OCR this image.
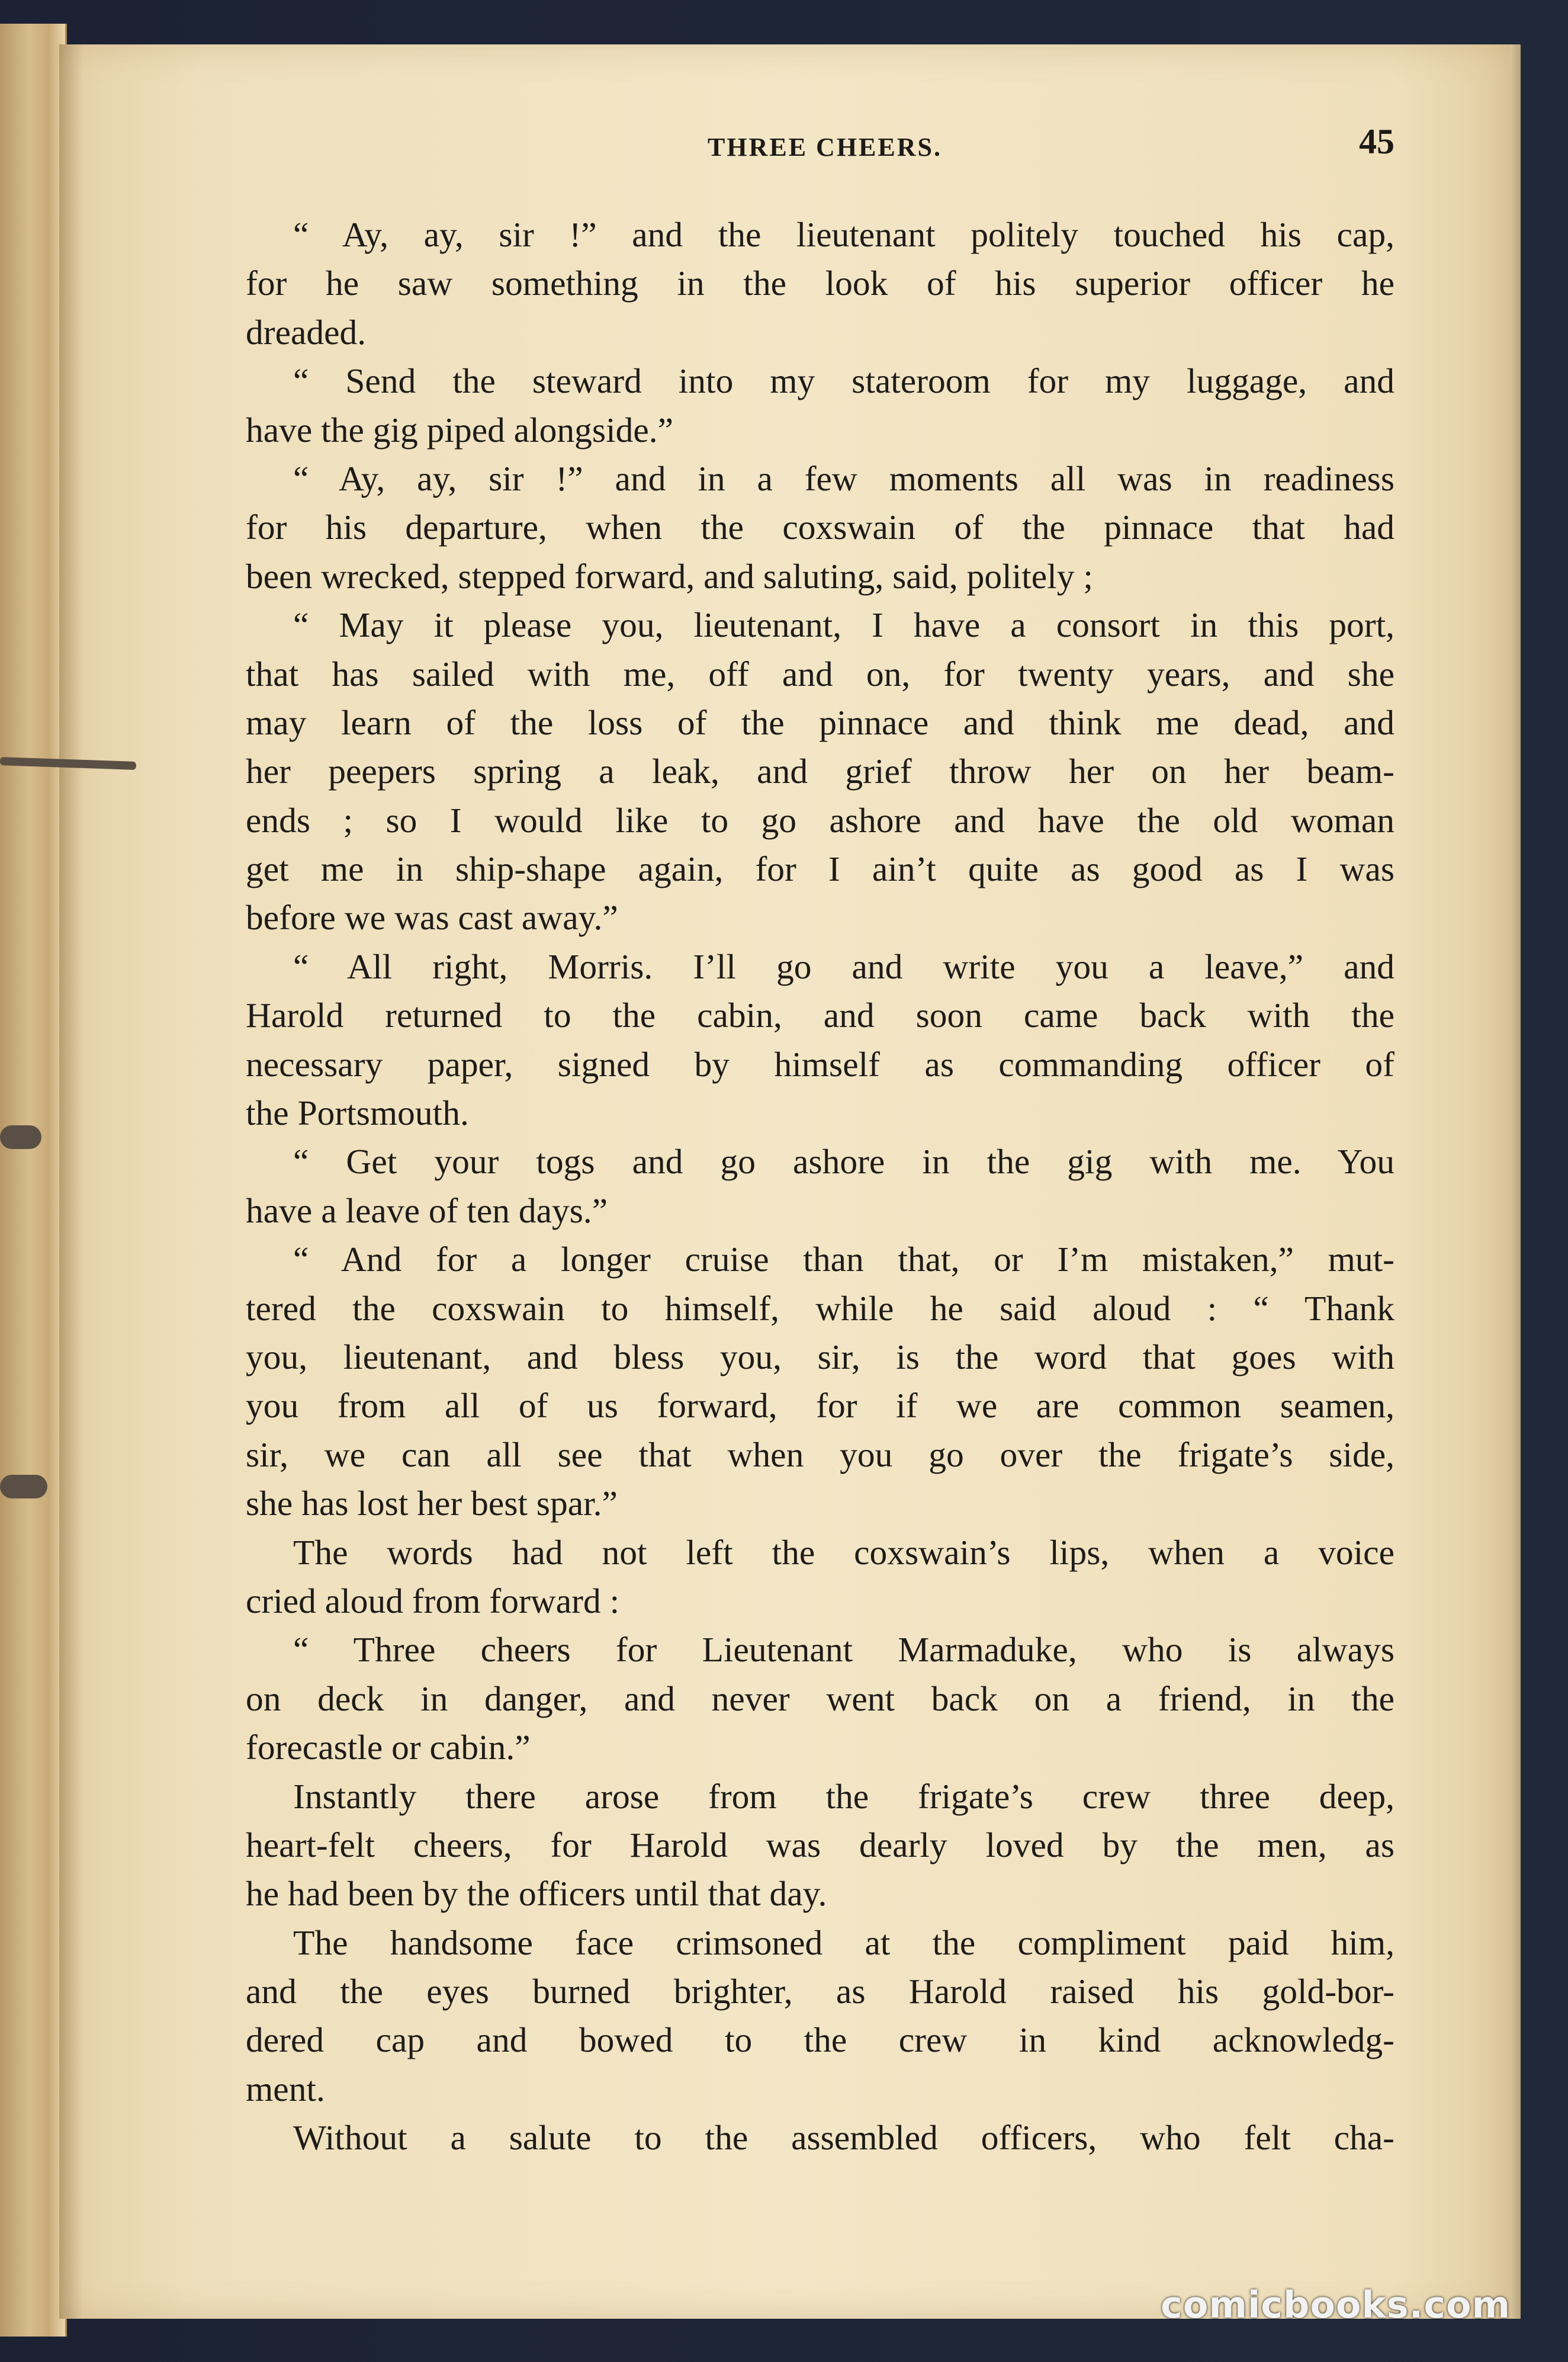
THREE CHEERS.	45
“ Ay, ay, sir !” and the lieutenant politely touched his cap,
for he saw something in the look of his superior officer he
dreaded.
“ Send the steward into my stateroom for my luggage, and
have the gig piped alongside.”
“ Ay, ay, sir !” and in a few moments all was in readiness
for his departure, when the coxswain of the pinnace that had
been wrecked, stepped forward, and saluting, said, politely ;
“ May it please you, lieutenant, I have a consort in this port,
that has sailed with me, off and on, for twenty years, and she
may learn of the loss of the pinnace and think me dead, and
her peepers spring a leak, and grief throw her on her beam-
ends ; so I would like to go ashore and have the old woman
get me in ship-shape again, for I ain’t quite as good as I was
before we was cast away.”
“ All right, Morris. I’ll go and write you a leave,” and
Harold returned to the cabin, and soon came back with the
necessary paper, signed by himself as commanding officer of
the Portsmouth.
“ Get your togs and go ashore in the gig with me. You
have a leave of ten days.”
“ And for a longer cruise than that, or I’m mistaken,” mut-
tered the coxswain to himself, while he said aloud : “ Thank
you, lieutenant, and bless you, sir, is the word that goes with
you from all of us forward, for if we are common seamen,
sir, we can all see that when you go over the frigate’s side,
she has lost her best spar.”
The words had not left the coxswain’s lips, when a voice
cried aloud from forward :
“ Three cheers for Lieutenant Marmaduke, who is always
on deck in danger, and never went back on a friend, in the
forecastle or cabin.”
Instantly there arose from the frigate’s crew three deep,
heart-felt cheers, for Harold was dearly loved by the men, as
he had been by the officers until that day.
The handsome face crimsoned at the compliment paid him,
and the eyes burned brighter, as Harold raised his gold-bor-
dered cap and bowed to the crew in kind acknowledg-
ment.
Without a salute to the assembled officers, who felt cha-
comicbooks.com
